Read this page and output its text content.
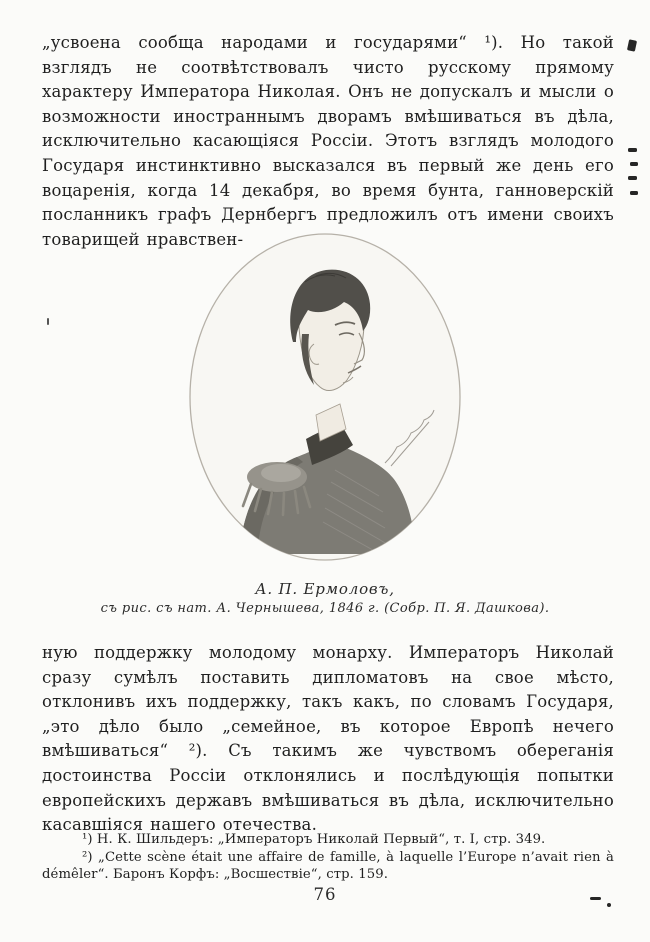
„усвоена сообща народами и государями“ ¹). Но такой взглядъ не соотвѣтствовалъ чисто русскому прямому характеру Императора Николая. Онъ не допускалъ и мысли о возможности иностраннымъ дворамъ вмѣшиваться въ дѣла, исключительно касающіяся Россіи. Этотъ взглядъ молодого Государя инстинктивно высказался въ первый же день его воцаренія, когда 14 декабря, во время бунта, ганноверскій посланникъ графъ Дернбергъ предложилъ отъ имени своихъ товарищей нравствен-
А. П. Ермоловъ,
съ рис. съ нат. А. Чернышева, 1846 г. (Собр. П. Я. Дашкова).
ную поддержку молодому монарху. Императоръ Николай сразу сумѣлъ поставить дипломатовъ на свое мѣсто, отклонивъ ихъ поддержку, такъ какъ, по словамъ Государя, „это дѣло было „семейное, въ которое Европѣ нечего вмѣшиваться“ ²). Съ такимъ же чувствомъ обереганія достоинства Россіи отклонялись и послѣдующія попытки европейскихъ державъ вмѣшиваться въ дѣла, исключительно касавшіяся нашего отечества.
¹) Н. К. Шильдеръ: „Императоръ Николай Первый“, т. I, стр. 349.
²) „Cette scène était une affaire de famille, à laquelle l’Europe n’avait rien à démêler“. Баронъ Корфъ: „Восшествіе“, стр. 159.
76
